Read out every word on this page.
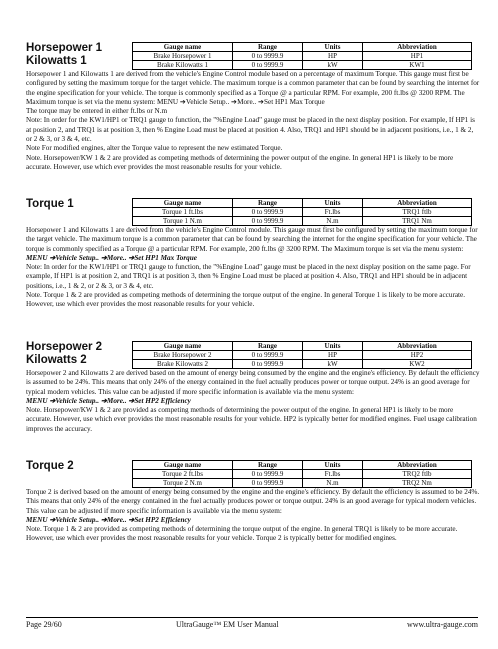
Horsepower 1
Kilowatts 1
Gauge name	Range	Units	Abbreviation
Brake Horsepower 1	0 to 9999.9	HP	HP1
Brake Kilowatts 1	0 to 9999.9	kW	KW1

Horsepower 1 and Kilowatts 1 are derived from the vehicle's Engine Control module based on a percentage of maximum Torque. This gauge must first be configured by setting the maximum torque for the target vehicle. The maximum torque is a common parameter that can be found by searching the internet for the engine specification for your vehicle. The torque is commonly specified as a Torque @ a particular RPM. For example, 200 ft.lbs @ 3200 RPM. The Maximum torque is set via the menu system: MENU ➔Vehicle Setup.. ➔More.. ➔Set HP1 Max Torque

The torque may be entered in either ft.lbs or N.m

Note: In order for the KW1/HP1 or TRQ1 gauge to function, the "%Engine Load" gauge must be placed in the next display position. For example, If HP1 is at position 2, and TRQ1 is at position 3, then % Engine Load must be placed at position 4. Also, TRQ1 and HP1 should be in adjacent positions, i.e., 1 & 2, or 2 & 3, or 3 & 4, etc.

Note For modified engines, alter the Torque value to represent the new estimated Torque.

Note. Horsepower/KW 1 & 2 are provided as competing methods of determining the power output of the engine. In general HP1 is likely to be more accurate. However, use which ever provides the most reasonable results for your vehicle.

Torque 1	Gauge name	Range	Units	Abbreviation
Torque 1 ft.lbs	0 to 9999.9	Ft.lbs	TRQ1 ftlb
Torque 1 N.m	0 to 9999.9	N.m	TRQ1 Nm

Horsepower 1 and Kilowatts 1 are derived from the vehicle's Engine Control module. This gauge must first be configured by setting the maximum torque for the target vehicle. The maximum torque is a common parameter that can be found by searching the internet for the engine specification for your vehicle. The torque is commonly specified as a Torque @ a particular RPM. For example, 200 ft.lbs @ 3200 RPM. The Maximum torque is set via the menu system:

MENU ➔Vehicle Setup.. ➔More.. ➔Set HP1 Max Torque

Note: In order for the KW1/HP1 or TRQ1 gauge to function, the "%Engine Load" gauge must be placed in the next display position on the same page. For example, If HP1 is at position 2, and TRQ1 is at position 3, then % Engine Load must be placed at position 4. Also, TRQ1 and HP1 should be in adjacent positions, i.e., 1 & 2, or 2 & 3, or 3 & 4, etc.

Note. Torque 1 & 2 are provided as competing methods of determining the torque output of the engine. In general Torque 1 is likely to be more accurate. However, use which ever provides the most reasonable results for your vehicle.

Horsepower 2
Kilowatts 2
Gauge name	Range	Units	Abbreviation
Brake Horsepower 2	0 to 9999.9	HP	HP2
Brake Kilowatts 2	0 to 9999.9	kW	KW2

Horsepower 2 and Kilowatts 2 are derived based on the amount of energy being consumed by the engine and the engine's efficiency. By default the efficiency is assumed to be 24%. This means that only 24% of the energy contained in the fuel actually produces power or torque output. 24% is an good average for typical modern vehicles. This value can be adjusted if more specific information is available via the menu system:

MENU ➔Vehicle Setup.. ➔More.. ➔Set HP2 Efficiency

Note. Horsepower/KW 1 & 2 are provided as competing methods of determining the power output of the engine. In general HP1 is likely to be more accurate. However, use which ever provides the most reasonable results for your vehicle. HP2 is typically better for modified engines. Fuel usage calibration improves the accuracy.

Torque 2	Gauge name	Range	Units	Abbreviation
Torque 2 ft.lbs	0 to 9999.9	Ft.lbs	TRQ2 ftlb
Torque 2 N.m	0 to 9999.9	N.m	TRQ2 Nm

Torque 2 is derived based on the amount of energy being consumed by the engine and the engine's efficiency. By default the efficiency is assumed to be 24%. This means that only 24% of the energy contained in the fuel actually produces power or torque output. 24% is an good average for typical modern vehicles. This value can be adjusted if more specific information is available via the menu system:

MENU ➔Vehicle Setup.. ➔More.. ➔Set HP2 Efficiency

Note. Torque 1 & 2 are provided as competing methods of determining the torque output of the engine. In general TRQ1 is likely to be more accurate. However, use which ever provides the most reasonable results for your vehicle. Torque 2 is typically better for modified engines.

Page 29/60	UltraGauge™ EM User Manual	www.ultra-gauge.com
